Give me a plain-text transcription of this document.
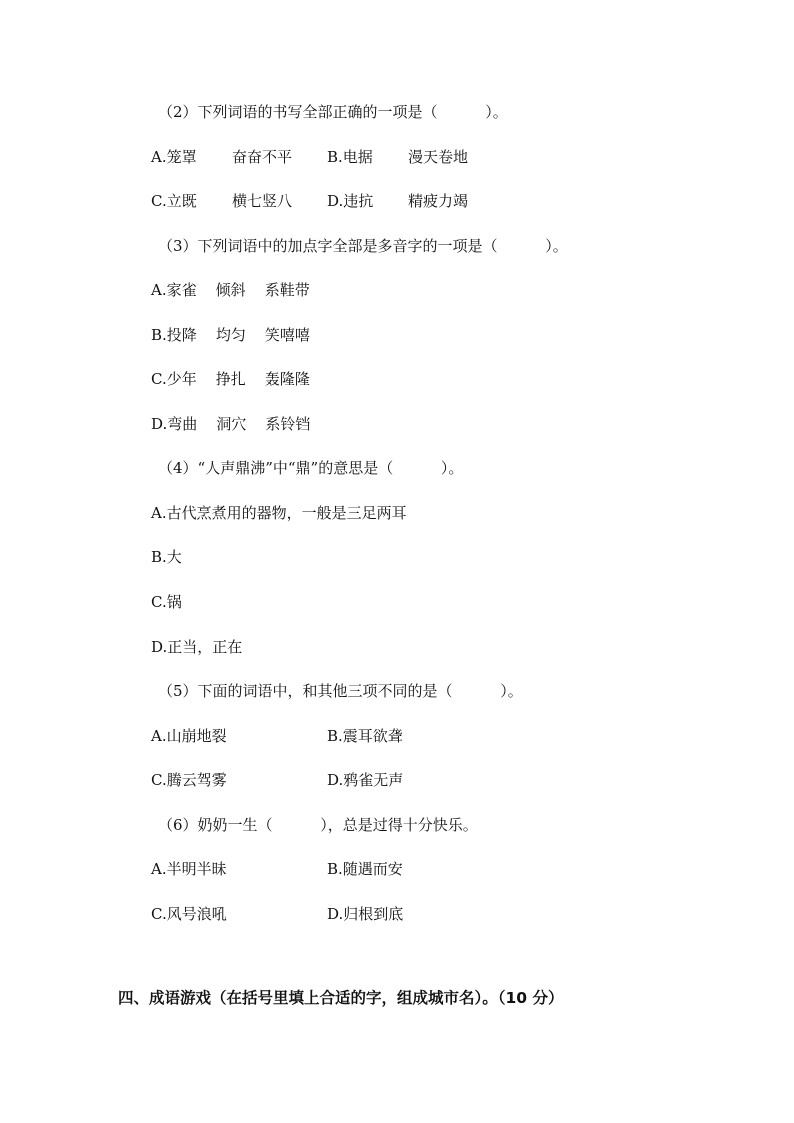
（2）下列词语的书写全部正确的一项是（          ）。
A.笼罩 奋奋不平 B.电据 漫天卷地
C.立既 横七竖八 D.违抗 精疲力竭
（3）下列词语中的加点字全部是多音字的一项是（          ）。
A.家雀    倾斜    系鞋带
B.投降    均匀    笑嘻嘻
C.少年    挣扎    轰隆隆
D.弯曲    洞穴    系铃铛
（4）“人声鼎沸”中“鼎”的意思是（          ）。
A.古代烹煮用的器物，一般是三足两耳
B.大
C.锅
D.正当，正在
（5）下面的词语中，和其他三项不同的是（          ）。
A.山崩地裂	B.震耳欲聋
C.腾云驾雾	D.鸦雀无声
（6）奶奶一生（          ），总是过得十分快乐。
A.半明半昧	B.随遇而安
C.风号浪吼	D.归根到底
四、成语游戏（在括号里填上合适的字，组成城市名）。（10 分）
